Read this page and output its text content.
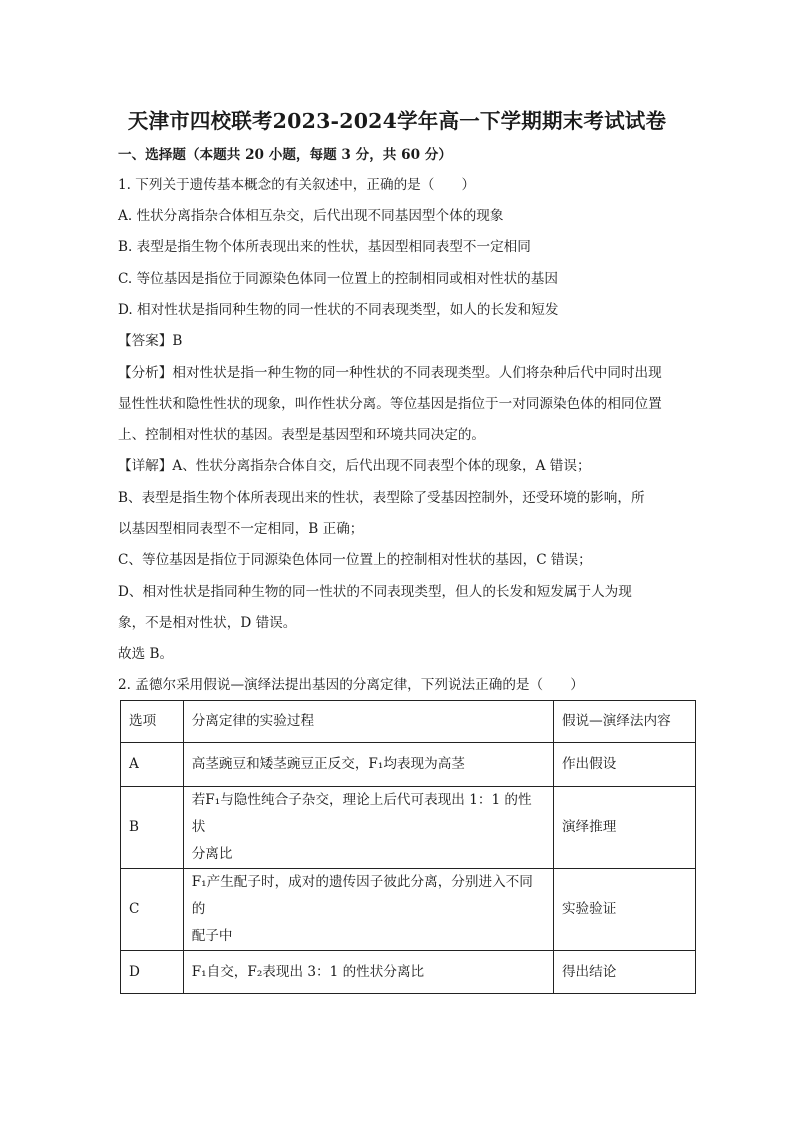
天津市四校联考2023-2024学年高一下学期期末考试试卷
一、选择题（本题共 20 小题，每题 3 分，共 60 分）
1. 下列关于遗传基本概念的有关叙述中，正确的是（　　）
A. 性状分离指杂合体相互杂交，后代出现不同基因型个体的现象
B. 表型是指生物个体所表现出来的性状，基因型相同表型不一定相同
C. 等位基因是指位于同源染色体同一位置上的控制相同或相对性状的基因
D. 相对性状是指同种生物的同一性状的不同表现类型，如人的长发和短发
【答案】B
【分析】相对性状是指一种生物的同一种性状的不同表现类型。人们将杂种后代中同时出现
显性性状和隐性性状的现象，叫作性状分离。等位基因是指位于一对同源染色体的相同位置
上、控制相对性状的基因。表型是基因型和环境共同决定的。
【详解】A、性状分离指杂合体自交，后代出现不同表型个体的现象，A 错误；
B、表型是指生物个体所表现出来的性状，表型除了受基因控制外，还受环境的影响，所
以基因型相同表型不一定相同，B 正确；
C、等位基因是指位于同源染色体同一位置上的控制相对性状的基因，C 错误；
D、相对性状是指同种生物的同一性状的不同表现类型，但人的长发和短发属于人为现
象，不是相对性状，D 错误。
故选 B。
2. 孟德尔采用假说—演绎法提出基因的分离定律，下列说法正确的是（　　）
选项	分离定律的实验过程	假说—演绎法内容
A	高茎豌豆和矮茎豌豆正反交，F₁均表现为高茎	作出假设
B	若F₁与隐性纯合子杂交，理论上后代可表现出 1：1 的性状
分离比	演绎推理
C	F₁产生配子时，成对的遗传因子彼此分离，分别进入不同的
配子中	实验验证
D	F₁自交，F₂表现出 3：1 的性状分离比	得出结论
